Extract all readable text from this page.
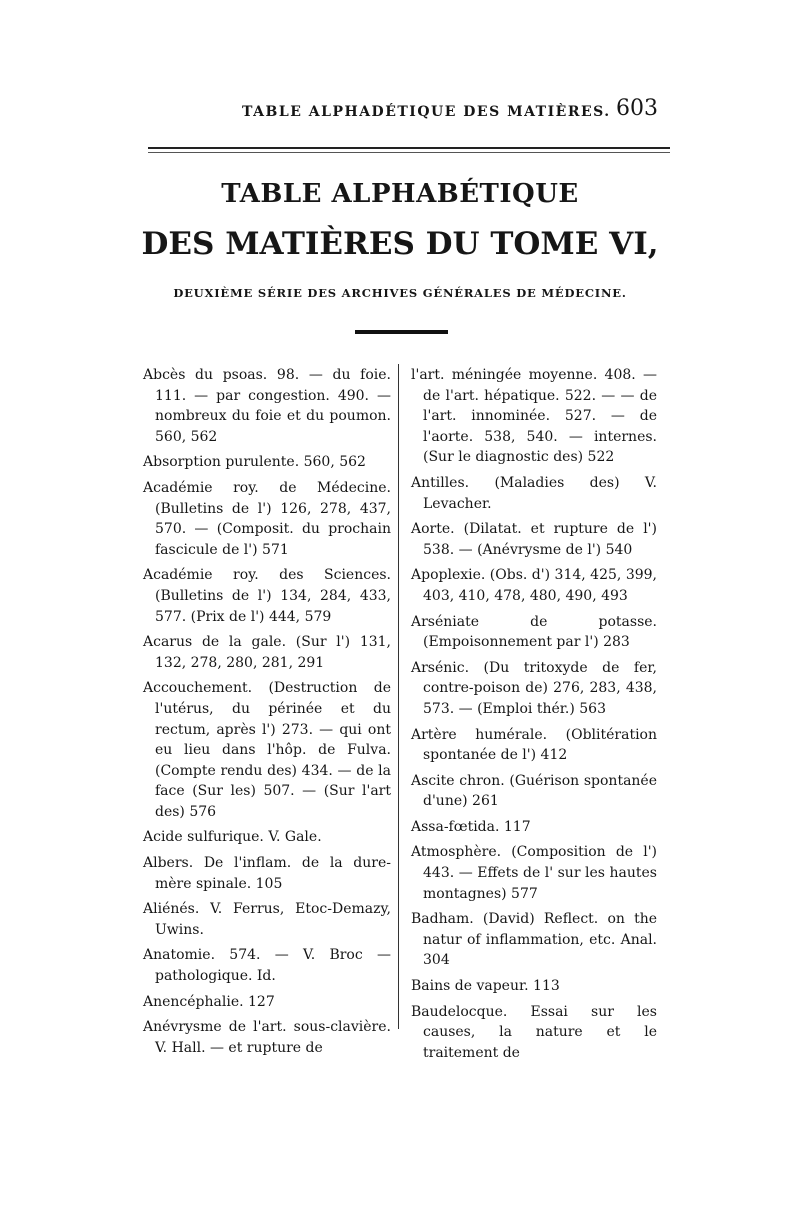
TABLE ALPHADÉTIQUE DES MATIÈRES. 603
TABLE ALPHABÉTIQUE
DES MATIÈRES DU TOME VI,
DEUXIÈME SÉRIE DES ARCHIVES GÉNÉRALES DE MÉDECINE.

Abcès du psoas. 98. — du foie. 111. — par congestion. 490. — nombreux du foie et du poumon. 560, 562

Absorption purulente. 560, 562

Académie roy. de Médecine. (Bulletins de l') 126, 278, 437, 570. — (Composit. du prochain fascicule de l') 571

Académie roy. des Sciences. (Bulletins de l') 134, 284, 433, 577. (Prix de l') 444, 579

Acarus de la gale. (Sur l') 131, 132, 278, 280, 281, 291

Accouchement. (Destruction de l'utérus, du périnée et du rectum, après l') 273. — qui ont eu lieu dans l'hôp. de Fulva. (Compte rendu des) 434. — de la face (Sur les) 507. — (Sur l'art des) 576

Acide sulfurique. V. Gale.

Albers. De l'inflam. de la dure-mère spinale. 105

Aliénés. V. Ferrus, Etoc-Demazy, Uwins.

Anatomie. 574. — V. Broc — pathologique. Id.

Anencéphalie. 127

Anévrysme de l'art. sous-clavière. V. Hall. — et rupture de

l'art. méningée moyenne. 408. — de l'art. hépatique. 522. — — de l'art. innominée. 527. — de l'aorte. 538, 540. — internes. (Sur le diagnostic des) 522

Antilles. (Maladies des) V. Levacher.

Aorte. (Dilatat. et rupture de l') 538. — (Anévrysme de l') 540

Apoplexie. (Obs. d') 314, 425, 399, 403, 410, 478, 480, 490, 493

Arséniate de potasse. (Empoisonnement par l') 283

Arsénic. (Du tritoxyde de fer, contre-poison de) 276, 283, 438, 573. — (Emploi thér.) 563

Artère humérale. (Oblitération spontanée de l') 412

Ascite chron. (Guérison spontanée d'une) 261

Assa-fœtida. 117

Atmosphère. (Composition de l') 443. — Effets de l' sur les hautes montagnes) 577

Badham. (David) Reflect. on the natur of inflammation, etc. Anal. 304

Bains de vapeur. 113

Baudelocque. Essai sur les causes, la nature et le traitement de
